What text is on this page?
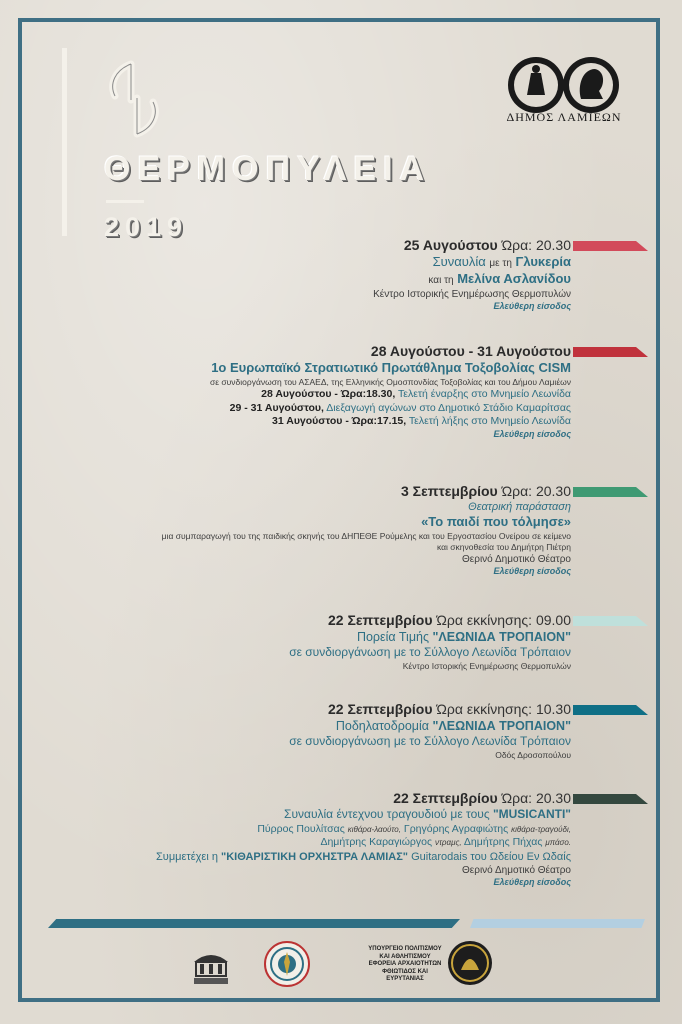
ΘΕΡΜΟΠΥΛΕΙΑ
2019
ΔΗΜΟΣ ΛΑΜΙΕΩΝ
25 Αυγούστου Ώρα: 20.30
Συναυλία με τη Γλυκερία
και τη Μελίνα Ασλανίδου
Κέντρο Ιστορικής Ενημέρωσης Θερμοπυλών
Ελεύθερη είσοδος
28 Αυγούστου - 31 Αυγούστου
1ο Ευρωπαϊκό Στρατιωτικό Πρωτάθλημα Τοξοβολίας CISM
σε συνδιοργάνωση του ΑΣΑΕΔ, της Ελληνικής Ομοσπονδίας Τοξοβολίας και του Δήμου Λαμιέων
28 Αυγούστου - Ώρα:18.30, Τελετή έναρξης στο Μνημείο Λεωνίδα
29 - 31 Αυγούστου, Διεξαγωγή αγώνων στο Δημοτικό Στάδιο Καμαρίτσας
31 Αυγούστου - Ώρα:17.15, Τελετή λήξης στο Μνημείο Λεωνίδα
Ελεύθερη είσοδος
3 Σεπτεμβρίου Ώρα: 20.30
Θεατρική παράσταση
«Το παιδί που τόλμησε»
μια συμπαραγωγή του της παιδικής σκηνής του ΔΗΠΕΘΕ Ρούμελης και του Εργοστασίου Ονείρου σε κείμενο
και σκηνοθεσία του Δημήτρη Πιέτρη
Θερινό Δημοτικό Θέατρο
Ελεύθερη είσοδος
22 Σεπτεμβρίου Ώρα εκκίνησης: 09.00
Πορεία Τιμής "ΛΕΩΝΙΔΑ ΤΡΟΠΑΙΟΝ"
σε συνδιοργάνωση με το Σύλλογο Λεωνίδα Τρόπαιον
Κέντρο Ιστορικής Ενημέρωσης Θερμοπυλών
22 Σεπτεμβρίου Ώρα εκκίνησης: 10.30
Ποδηλατοδρομία "ΛΕΩΝΙΔΑ ΤΡΟΠΑΙΟΝ"
σε συνδιοργάνωση με το Σύλλογο Λεωνίδα Τρόπαιον
Οδός Δροσοπούλου
22 Σεπτεμβρίου Ώρα: 20.30
Συναυλία έντεχνου τραγουδιού με τους "MUSICANTI"
Πύρρος Πουλίτσας κιθάρα-λαούτο, Γρηγόρης Αγραφιώτης κιθάρα-τραγούδι,
Δημήτρης Καραγιώργος ντραμς, Δημήτρης Πήχας μπάσο.
Συμμετέχει η "ΚΙΘΑΡΙΣΤΙΚΗ ΟΡΧΗΣΤΡΑ ΛΑΜΙΑΣ" Guitarodais του Ωδείου Εν Ωδαίς
Θερινό Δημοτικό Θέατρο
Ελεύθερη είσοδος
ΥΠΟΥΡΓΕΙΟ ΠΟΛΙΤΙΣΜΟΥ ΚΑΙ ΑΘΛΗΤΙΣΜΟΥ ΕΦΟΡΕΙΑ ΑΡΧΑΙΟΤΗΤΩΝ ΦΘΙΩΤΙΔΟΣ ΚΑΙ ΕΥΡΥΤΑΝΙΑΣ
